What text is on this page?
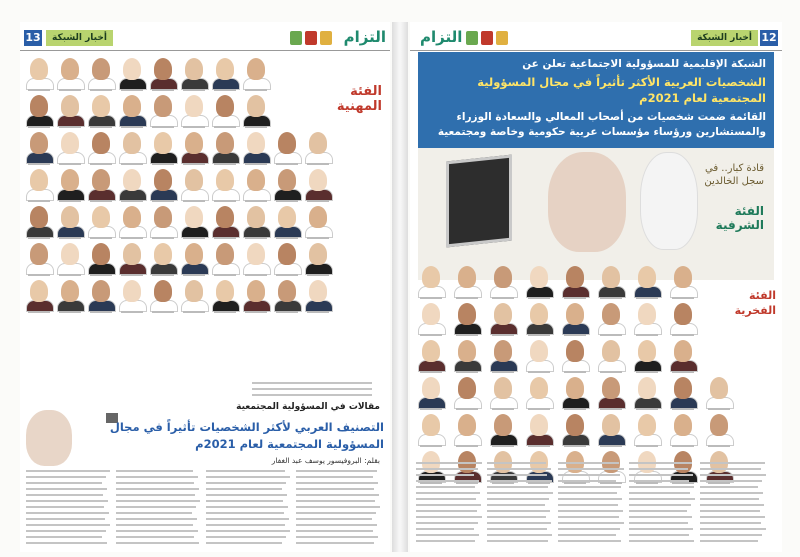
13	أخبار الشبكة	التزام
الفئة
المهنية
مقالات في المسؤولية المجتمعية
التصنيف العربي لأكثر الشخصيات تأثيراً في مجال المسؤولية المجتمعية لعام 2021م
بقلم: البروفيسور يوسف عبد الغفار
أخبار الشبكة 12
التزام
الشبكة الإقليمية للمسؤولية الاجتماعية تعلن عن
الشخصيات العربية الأكثر تأثيراً في مجال المسؤولية المجتمعية لعام 2021م
القائمة ضمت شخصيات من أصحاب المعالي والسعادة الوزراء والمستشارين ورؤساء مؤسسات عربية حكومية وخاصة ومجتمعية
قادة كبار.. في سجل الخالدين
الفئة
الشرفية
الفئة
الفخرية
